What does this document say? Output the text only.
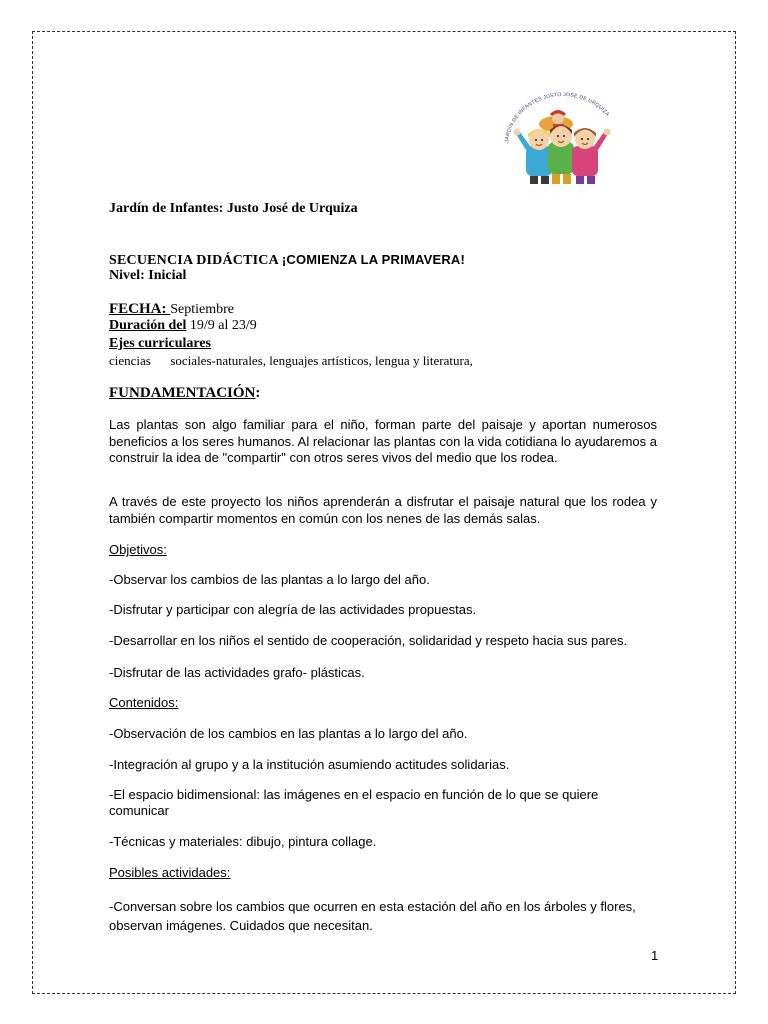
JARDIN DE INFANTES JUSTO JOSE DE URQUIZA
Jardín de Infantes: Justo José de Urquiza
SECUENCIA DIDÁCTICA ¡COMIENZA LA PRIMAVERA!
Nivel: Inicial
FECHA: Septiembre
Duración del 19/9 al 23/9
Ejes curriculares
ciencias      sociales-naturales, lenguajes artísticos, lengua y literatura,
FUNDAMENTACIÓN:
Las plantas son algo familiar para el niño, forman parte del paisaje y aportan numerosos beneficios a los seres humanos. Al relacionar las plantas con la vida cotidiana lo ayudaremos a construir la idea de "compartir" con otros seres vivos del medio que los rodea.
A través de este proyecto los niños aprenderán a disfrutar el paisaje natural que los rodea y también compartir momentos en común con los nenes de las demás salas.
Objetivos:
-Observar los cambios de las plantas a lo largo del año.
-Disfrutar y participar con alegría de las actividades propuestas.
-Desarrollar en los niños el sentido de cooperación, solidaridad y respeto hacia sus pares.
-Disfrutar de las actividades grafo- plásticas.
Contenidos:
-Observación de los cambios en las plantas a lo largo del año.
-Integración al grupo y a la institución asumiendo actitudes solidarias.
-El espacio bidimensional: las imágenes en el espacio en función de lo que se quiere comunicar
-Técnicas y materiales: dibujo, pintura collage.
Posibles actividades:
-Conversan sobre los cambios que ocurren en esta estación del año en los árboles y flores, observan imágenes. Cuidados que necesitan.
1
